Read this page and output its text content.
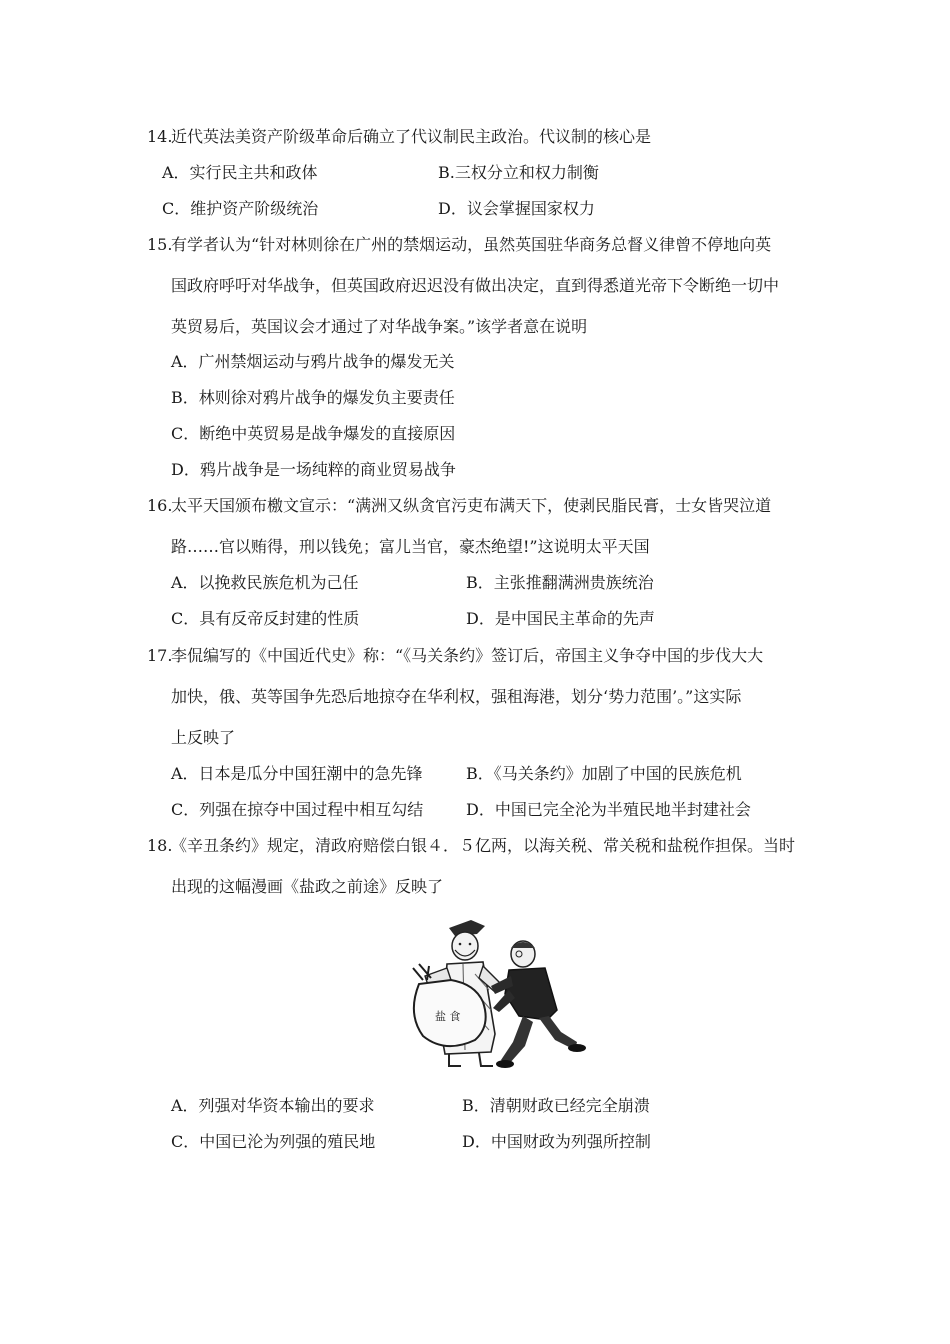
14.
近代英法美资产阶级革命后确立了代议制民主政治。代议制的核心是
A．实行民主共和政体	B.三权分立和权力制衡
C．维护资产阶级统治	D．议会掌握国家权力
15.
有学者认为“针对林则徐在广州的禁烟运动，虽然英国驻华商务总督义律曾不停地向英
国政府呼吁对华战争，但英国政府迟迟没有做出决定，直到得悉道光帝下令断绝一切中
英贸易后，英国议会才通过了对华战争案。”该学者意在说明
A．广州禁烟运动与鸦片战争的爆发无关
B．林则徐对鸦片战争的爆发负主要责任
C．断绝中英贸易是战争爆发的直接原因
D．鸦片战争是一场纯粹的商业贸易战争
16.
太平天国颁布檄文宣示：“满洲又纵贪官污吏布满天下，使剥民脂民膏，士女皆哭泣道
路……官以贿得，刑以钱免；富儿当官，豪杰绝望!”这说明太平天国
A．以挽救民族危机为己任	B．主张推翻满洲贵族统治
C．具有反帝反封建的性质	D．是中国民主革命的先声
17.
李侃编写的《中国近代史》称：“《马关条约》签订后，帝国主义争夺中国的步伐大大
加快，俄、英等国争先恐后地掠夺在华利权，强租海港，划分‘势力范围’。”这实际
上反映了
A．日本是瓜分中国狂潮中的急先锋	B．《马关条约》加剧了中国的民族危机
C．列强在掠夺中国过程中相互勾结	D．中国已完全沦为半殖民地半封建社会
18.
《辛丑条约》规定，清政府赔偿白银４．５亿两，以海关税、常关税和盐税作担保。当时
出现的这幅漫画《盐政之前途》反映了
盐 食
A．列强对华资本输出的要求	B．清朝财政已经完全崩溃
C．中国已沦为列强的殖民地	D．中国财政为列强所控制
